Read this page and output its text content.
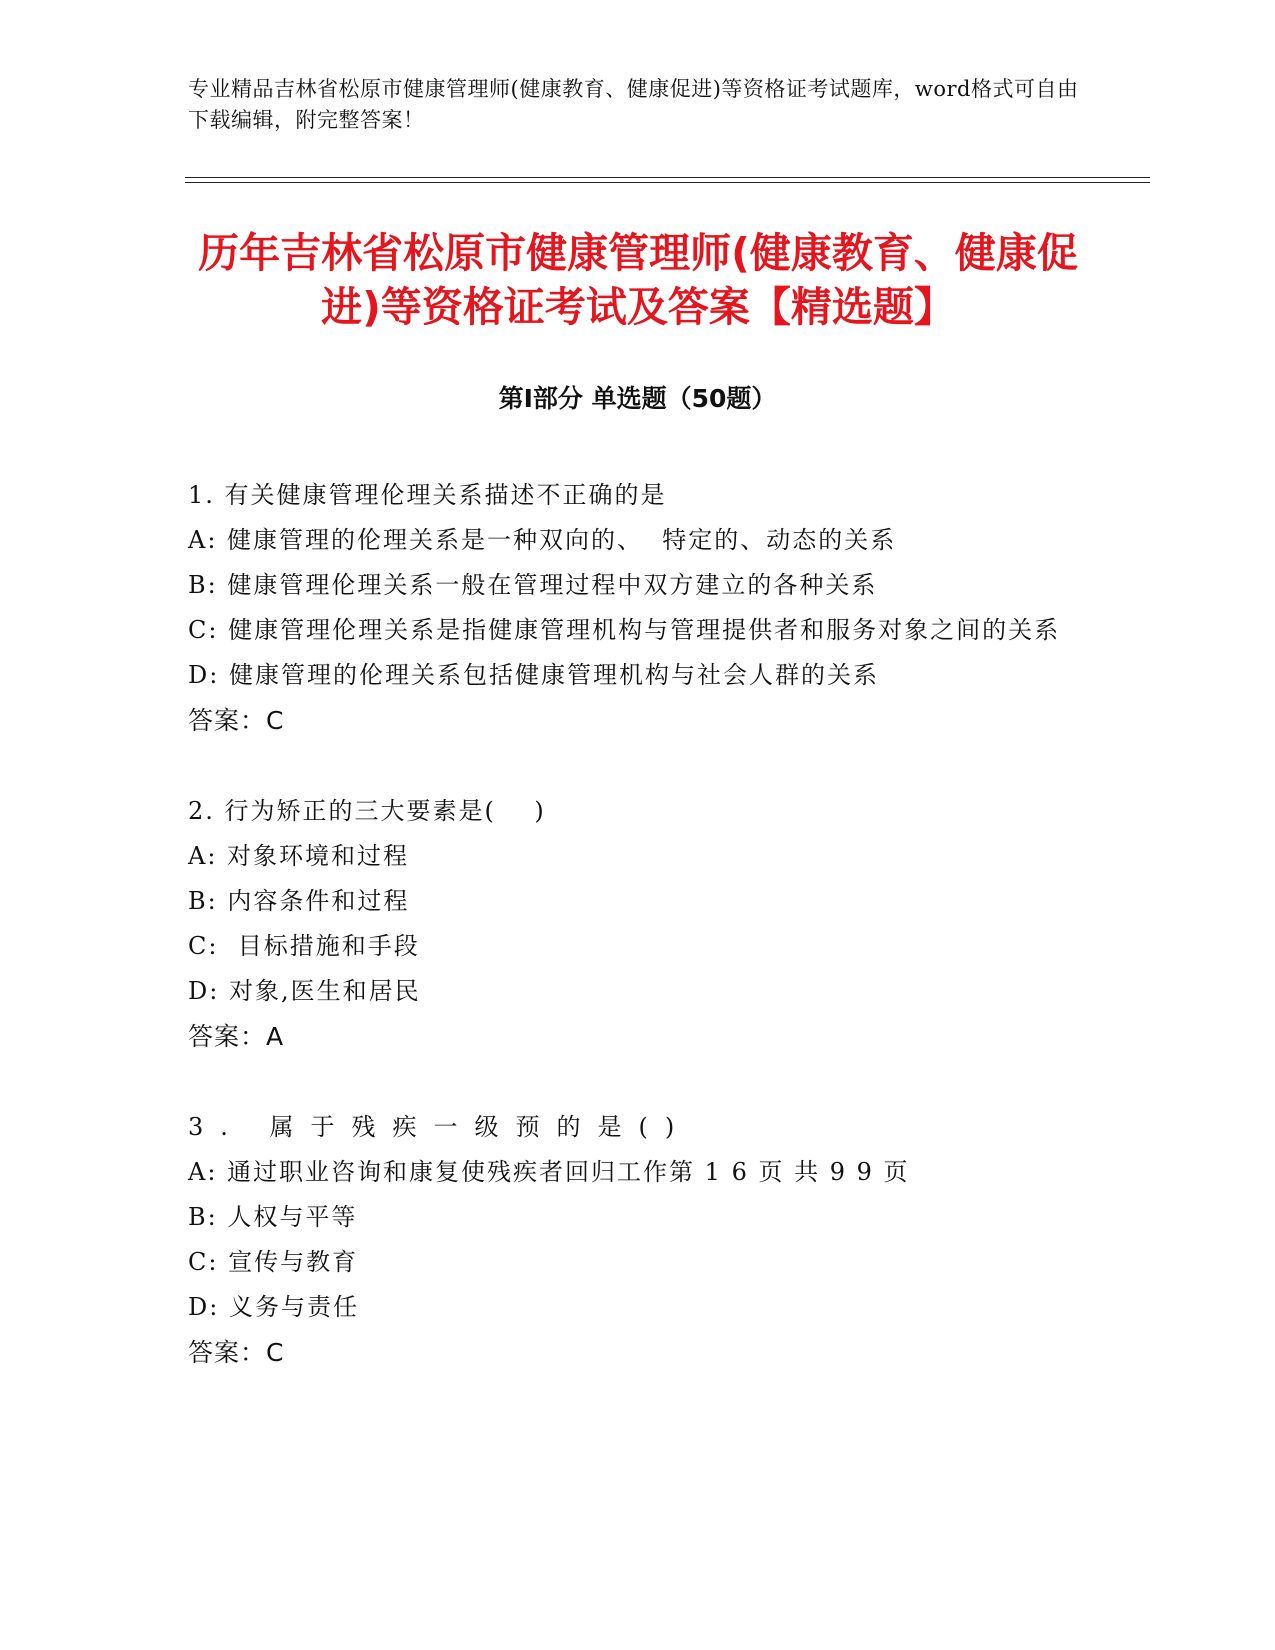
专业精品吉林省松原市健康管理师(健康教育、健康促进)等资格证考试题库，word格式可自由下载编辑，附完整答案！

历年吉林省松原市健康管理师(健康教育、健康促进)等资格证考试及答案【精选题】
第Ⅰ部分 单选题（50题）

1. 有关健康管理伦理关系描述不正确的是

A: 健康管理的伦理关系是一种双向的、  特定的、动态的关系

B: 健康管理伦理关系一般在管理过程中双方建立的各种关系

C: 健康管理伦理关系是指健康管理机构与管理提供者和服务对象之间的关系

D: 健康管理的伦理关系包括健康管理机构与社会人群的关系

答案：C

2. 行为矫正的三大要素是(    )

A: 对象环境和过程

B: 内容条件和过程

C:  目标措施和手段

D: 对象,医生和居民

答案：A

3. 属于残疾一级预的是()

A: 通过职业咨询和康复使残疾者回归工作第 1 6 页 共 9 9 页

B: 人权与平等

C: 宣传与教育

D: 义务与责任

答案：C
